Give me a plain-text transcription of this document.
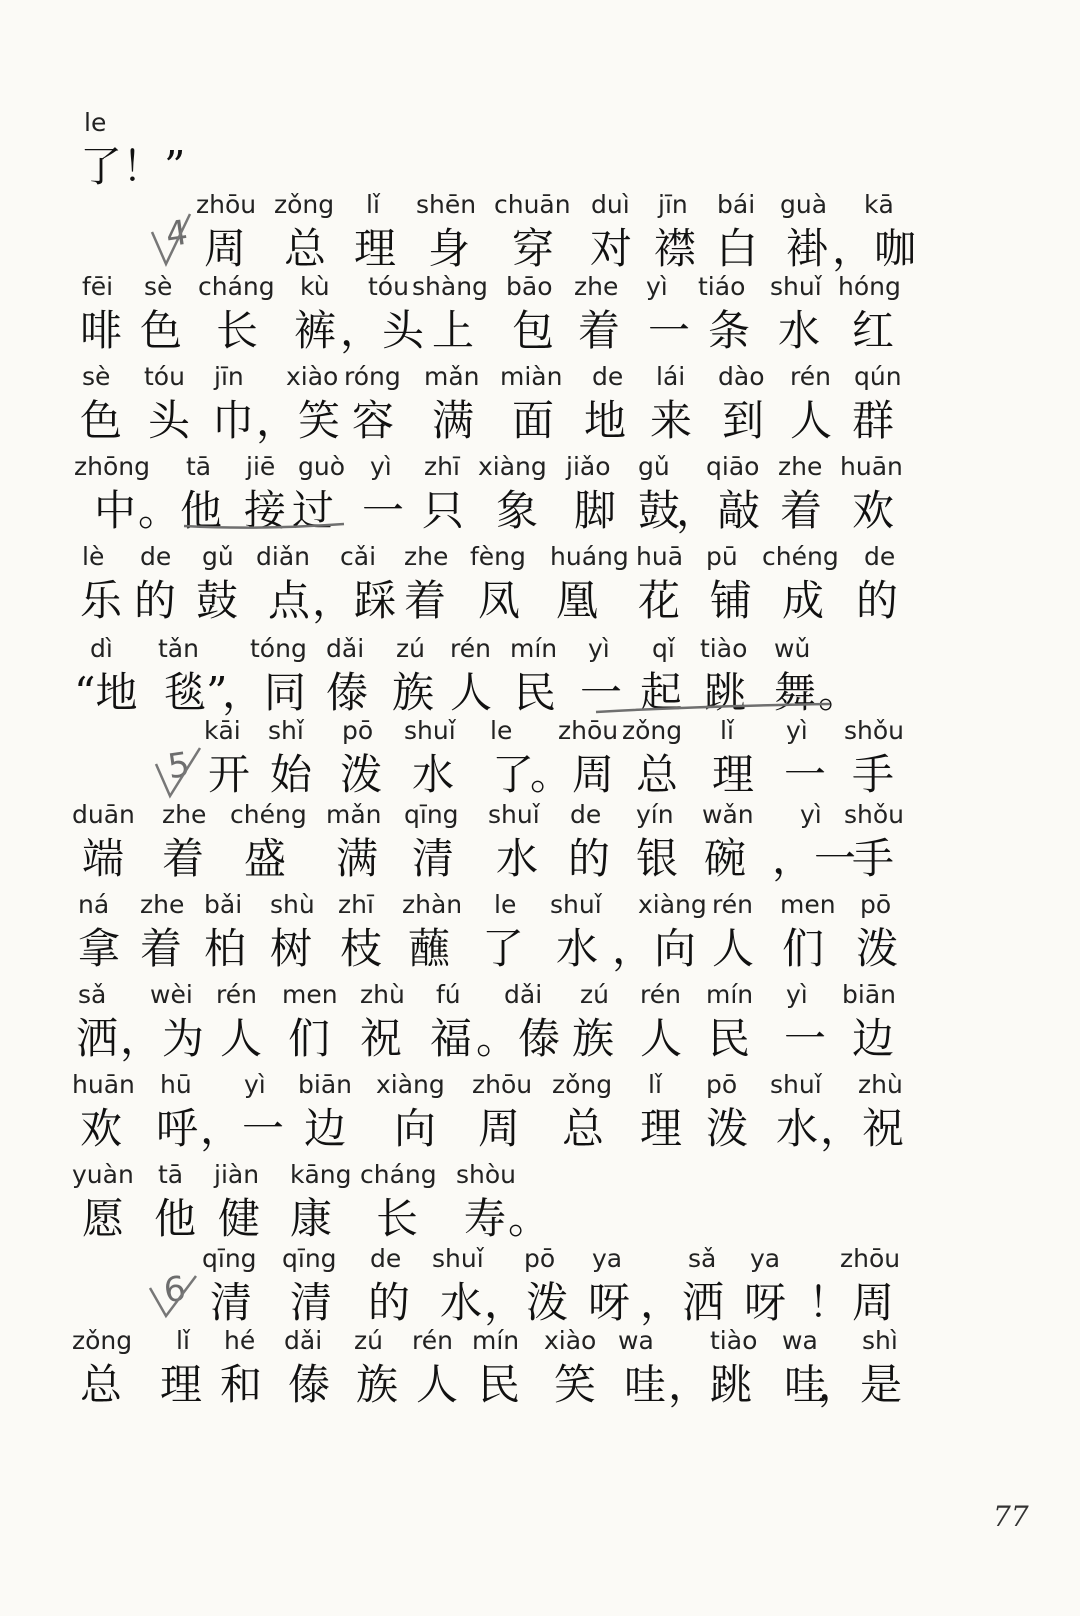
le
了！”
zhōu zǒng lǐ shēn chuān duì jīn bái guà kā
周 总 理 身 穿 对 襟 白 褂 ，咖
fēi sè cháng kù tóu shàng bāo zhe yì tiáo shuǐ hóng
啡 色 长 裤 ，头 上 包 着 一 条 水 红
sè tóu jīn xiào róng mǎn miàn de lái dào rén qún
色 头 巾 ，笑 容 满 面 地 来 到 人 群
zhōng tā jiē guò yì zhī xiàng jiǎo gǔ qiāo zhe huān
中 。他 接 过 一 只 象 脚 鼓
，敲 着 欢
lè de gǔ diǎn cǎi zhe fèng huáng huā pū chéng de
乐 的 鼓 点 ，踩 着 凤 凰 花 铺 成 的
dì tǎn tóng dǎi zú rén mín yì qǐ tiào wǔ
“地 毯”
，同 傣 族 人 民 一 起 跳 舞 。
kāi shǐ pō shuǐ le zhōu zǒng lǐ yì shǒu
开 始 泼 水 了
。周 总 理 一 手
duān zhe chéng mǎn qīng shuǐ de yín wǎn yì shǒu
端 着 盛 满 清 水 的 银 碗 ，一
手
ná zhe bǎi shù zhī zhàn le shuǐ xiàng rén men pō
拿 着 柏 树 枝 蘸 了 水 ，向 人 们 泼
sǎ wèi rén men zhù fú dǎi zú rén mín yì biān
洒 ，为 人 们 祝 福 。傣 族 人 民 一 边
huān hū yì biān xiàng zhōu zǒng lǐ pō shuǐ zhù
欢 呼 ，一 边 向 周 总 理 泼 水 ，祝
yuàn tā jiàn kāng cháng shòu
愿 他 健 康 长 寿 。
qīng qīng de shuǐ pō ya	sǎ ya zhōu
清 清 的 水 ，泼 呀 ，洒 呀 ！ 周
zǒng lǐ hé dǎi zú rén mín xiào wa tiào wa shì
总 理 和 傣 族 人 民 笑 哇 ，跳 哇
，是
4
5
6
77
